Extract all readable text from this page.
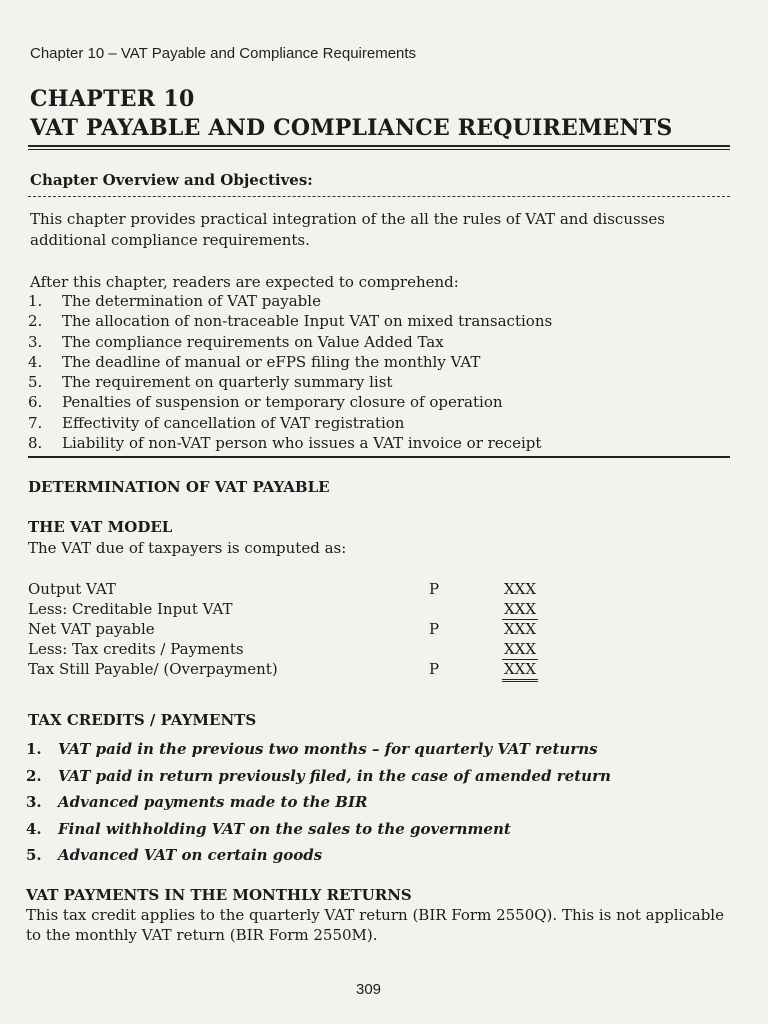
Chapter 10 – VAT Payable and Compliance Requirements
CHAPTER 10
VAT PAYABLE AND COMPLIANCE REQUIREMENTS
Chapter Overview and Objectives:
This chapter provides practical integration of the all the rules of VAT and discusses additional compliance requirements.
After this chapter, readers are expected to comprehend:
1. The determination of VAT payable
2. The allocation of non-traceable Input VAT on mixed transactions
3. The compliance requirements on Value Added Tax
4. The deadline of manual or eFPS filing the monthly VAT
5. The requirement on quarterly summary list
6. Penalties of suspension or temporary closure of operation
7. Effectivity of cancellation of VAT registration
8. Liability of non-VAT person who issues a VAT invoice or receipt
DETERMINATION OF VAT PAYABLE
THE VAT MODEL
The VAT due of taxpayers is computed as:
Output VAT	P	XXX
Less: Creditable Input VAT	XXX
Net VAT payable	P	XXX
Less: Tax credits / Payments	XXX
Tax Still Payable/ (Overpayment)	P	XXX
TAX CREDITS / PAYMENTS
1. VAT paid in the previous two months – for quarterly VAT returns
2. VAT paid in return previously filed, in the case of amended return
3. Advanced payments made to the BIR
4. Final withholding VAT on the sales to the government
5. Advanced VAT on certain goods
VAT PAYMENTS IN THE MONTHLY RETURNS
This tax credit applies to the quarterly VAT return (BIR Form 2550Q). This is not applicable to the monthly VAT return (BIR Form 2550M).
309
